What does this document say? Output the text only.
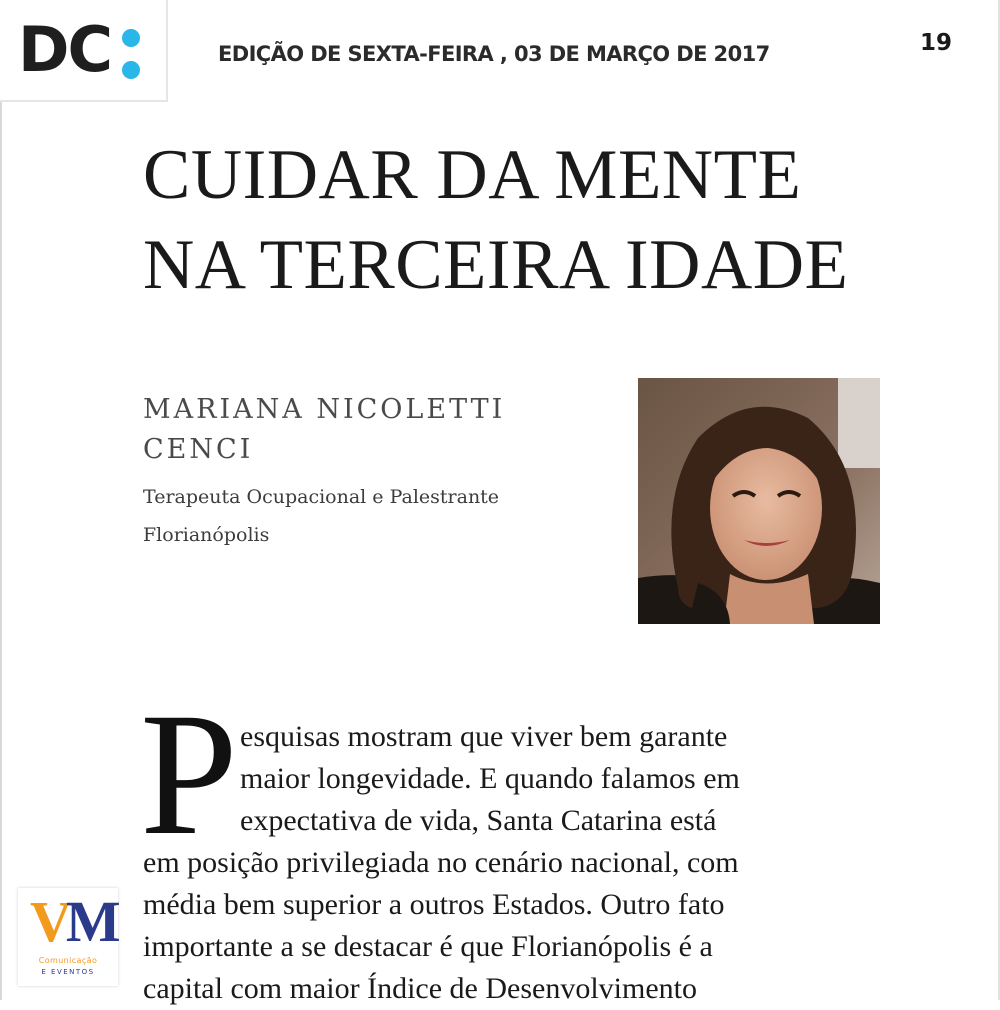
DC	EDIÇÃO DE SEXTA-FEIRA , 03 DE MARÇO DE 2017	19
CUIDAR DA MENTE
NA TERCEIRA IDADE

MARIANA NICOLETTI
CENCI

Terapeuta Ocupacional e Palestrante
Florianópolis
P esquisas mostram que viver bem garante
maior longevidade. E quando falamos em
expectativa de vida, Santa Catarina está
em posição privilegiada no cenário nacional, com
média bem superior a outros Estados. Outro fato
importante a se destacar é que Florianópolis é a
capital com maior Índice de Desenvolvimento
VM
Comunicação
E EVENTOS
